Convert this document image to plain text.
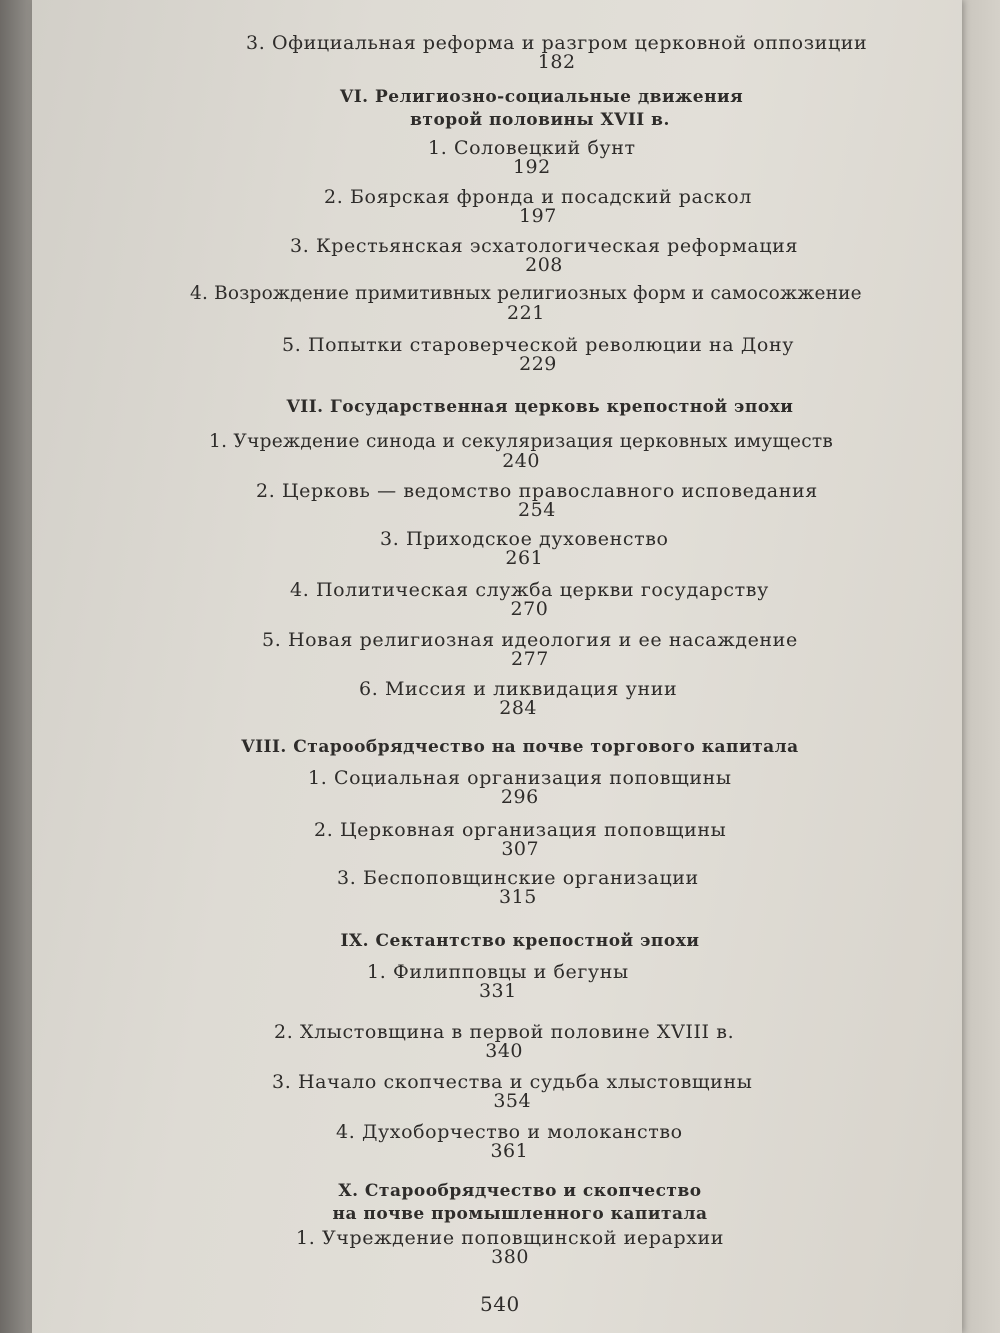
3. Официальная реформа и разгром церковной оппозиции
182
VI. Религиозно-социальные движения
второй половины XVII в.
1. Соловецкий бунт
192
2. Боярская фронда и посадский раскол
197
3. Крестьянская эсхатологическая реформация
208
4. Возрождение примитивных религиозных форм и самосожжение
221
5. Попытки староверческой революции на Дону
229
VII. Государственная церковь крепостной эпохи
1. Учреждение синода и секуляризация церковных имуществ
240
2. Церковь — ведомство православного исповедания
254
3. Приходское духовенство
261
4. Политическая служба церкви государству
270
5. Новая религиозная идеология и ее насаждение
277
6. Миссия и ликвидация унии
284
VIII. Старообрядчество на почве торгового капитала
1. Социальная организация поповщины
296
2. Церковная организация поповщины
307
3. Беспоповщинские организации
315
IX. Сектантство крепостной эпохи
1. Филипповцы и бегуны
331
2. Хлыстовщина в первой половине XVIII в.
340
3. Начало скопчества и судьба хлыстовщины
354
4. Духоборчество и молоканство
361
X. Старообрядчество и скопчество
на почве промышленного капитала
1. Учреждение поповщинской иерархии
380
540
